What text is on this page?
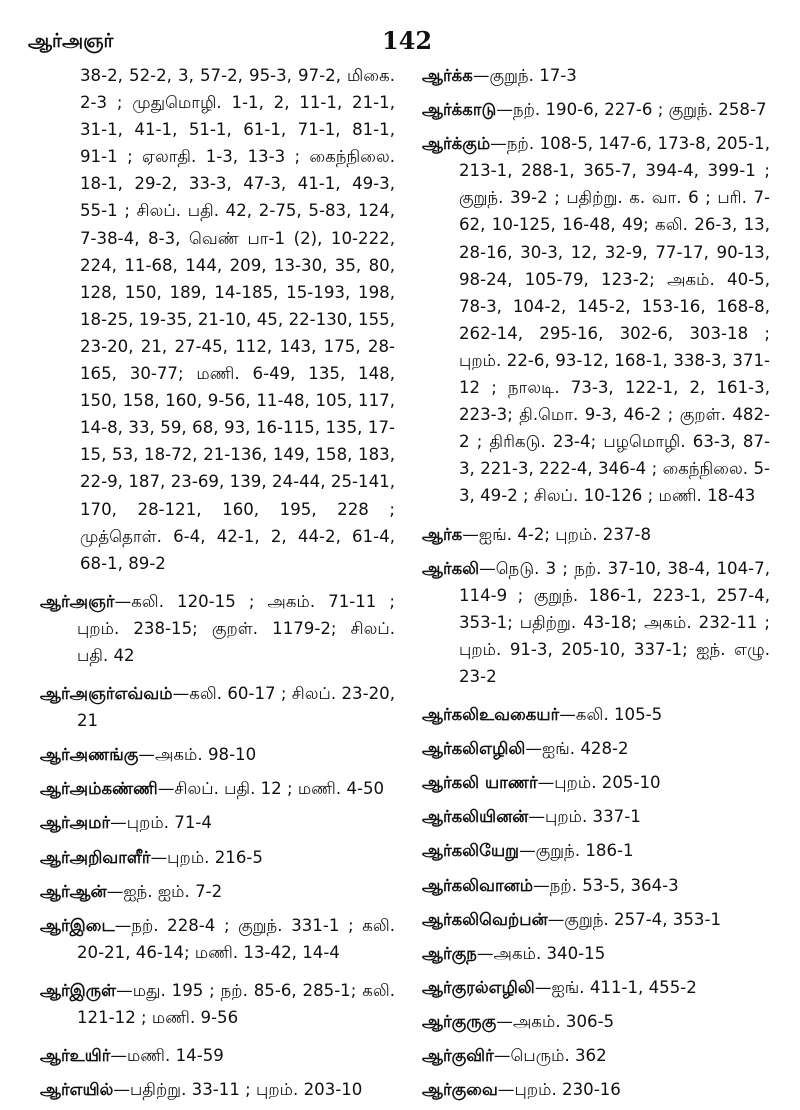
ஆர்அஞர்	142
38-2, 52-2, 3, 57-2, 95-3, 97-2, மிகை. 2-3 ; முதுமொழி. 1-1, 2, 11-1, 21-1, 31-1, 41-1, 51-1, 61-1, 71-1, 81-1, 91-1 ; ஏலாதி. 1-3, 13-3 ; கைந்நிலை. 18-1, 29-2, 33-3, 47-3, 41-1, 49-3, 55-1 ; சிலப். பதி. 42, 2-75, 5-83, 124, 7-38-4, 8-3, வெண் பா-1 (2), 10-222, 224, 11-68, 144, 209, 13-30, 35, 80, 128, 150, 189, 14-185, 15-193, 198, 18-25, 19-35, 21-10, 45, 22-130, 155, 23-20, 21, 27-45, 112, 143, 175, 28-165, 30-77; மணி. 6-49, 135, 148, 150, 158, 160, 9-56, 11-48, 105, 117, 14-8, 33, 59, 68, 93, 16-115, 135, 17-15, 53, 18-72, 21-136, 149, 158, 183, 22-9, 187, 23-69, 139, 24-44, 25-141, 170, 28-121, 160, 195, 228 ; முத்தொள். 6-4, 42-1, 2, 44-2, 61-4, 68-1, 89-2
ஆர்அஞர்—கலி. 120-15 ; அகம். 71-11 ; புறம். 238-15; குறள். 1179-2; சிலப். பதி. 42
ஆர்அஞர்எவ்வம்—கலி. 60-17 ; சிலப். 23-20, 21
ஆர்அணங்கு—அகம். 98-10
ஆர்அம்கண்ணி—சிலப். பதி. 12 ; மணி. 4-50
ஆர்அமர்—புறம். 71-4
ஆர்அறிவாளீர்—புறம். 216-5
ஆர்ஆன்—ஐந். ஐம். 7-2
ஆர்இடை—நற். 228-4 ; குறுந். 331-1 ; கலி. 20-21, 46-14; மணி. 13-42, 14-4
ஆர்இருள்—மது. 195 ; நற். 85-6, 285-1; கலி. 121-12 ; மணி. 9-56
ஆர்உயிர்—மணி. 14-59
ஆர்எயில்—பதிற்று. 33-11 ; புறம். 203-10
ஆர்க்க—குறுந். 17-3
ஆர்க்காடு—நற். 190-6, 227-6 ; குறுந். 258-7
ஆர்க்கும்—நற். 108-5, 147-6, 173-8, 205-1, 213-1, 288-1, 365-7, 394-4, 399-1 ; குறுந். 39-2 ; பதிற்று. க. வா. 6 ; பரி. 7-62, 10-125, 16-48, 49; கலி. 26-3, 13, 28-16, 30-3, 12, 32-9, 77-17, 90-13, 98-24, 105-79, 123-2; அகம். 40-5, 78-3, 104-2, 145-2, 153-16, 168-8, 262-14, 295-16, 302-6, 303-18 ; புறம். 22-6, 93-12, 168-1, 338-3, 371-12 ; நாலடி. 73-3, 122-1, 2, 161-3, 223-3; தி.மொ. 9-3, 46-2 ; குறள். 482-2 ; திரிகடு. 23-4; பழமொழி. 63-3, 87-3, 221-3, 222-4, 346-4 ; கைந்நிலை. 5-3, 49-2 ; சிலப். 10-126 ; மணி. 18-43
ஆர்க—ஐங். 4-2; புறம். 237-8
ஆர்கலி—நெடு. 3 ; நற். 37-10, 38-4, 104-7, 114-9 ; குறுந். 186-1, 223-1, 257-4, 353-1; பதிற்று. 43-18; அகம். 232-11 ; புறம். 91-3, 205-10, 337-1; ஐந். எழு. 23-2
ஆர்கலிஉவகையர்—கலி. 105-5
ஆர்கலிஎழிலி—ஐங். 428-2
ஆர்கலி யாணர்—புறம். 205-10
ஆர்கலியினன்—புறம். 337-1
ஆர்கலியேறு—குறுந். 186-1
ஆர்கலிவானம்—நற். 53-5, 364-3
ஆர்கலிவெற்பன்—குறுந். 257-4, 353-1
ஆர்குந—அகம். 340-15
ஆர்குரல்எழிலி—ஐங். 411-1, 455-2
ஆர்குருகு—அகம். 306-5
ஆர்குவிர்—பெரும். 362
ஆர்குவை—புறம். 230-16
